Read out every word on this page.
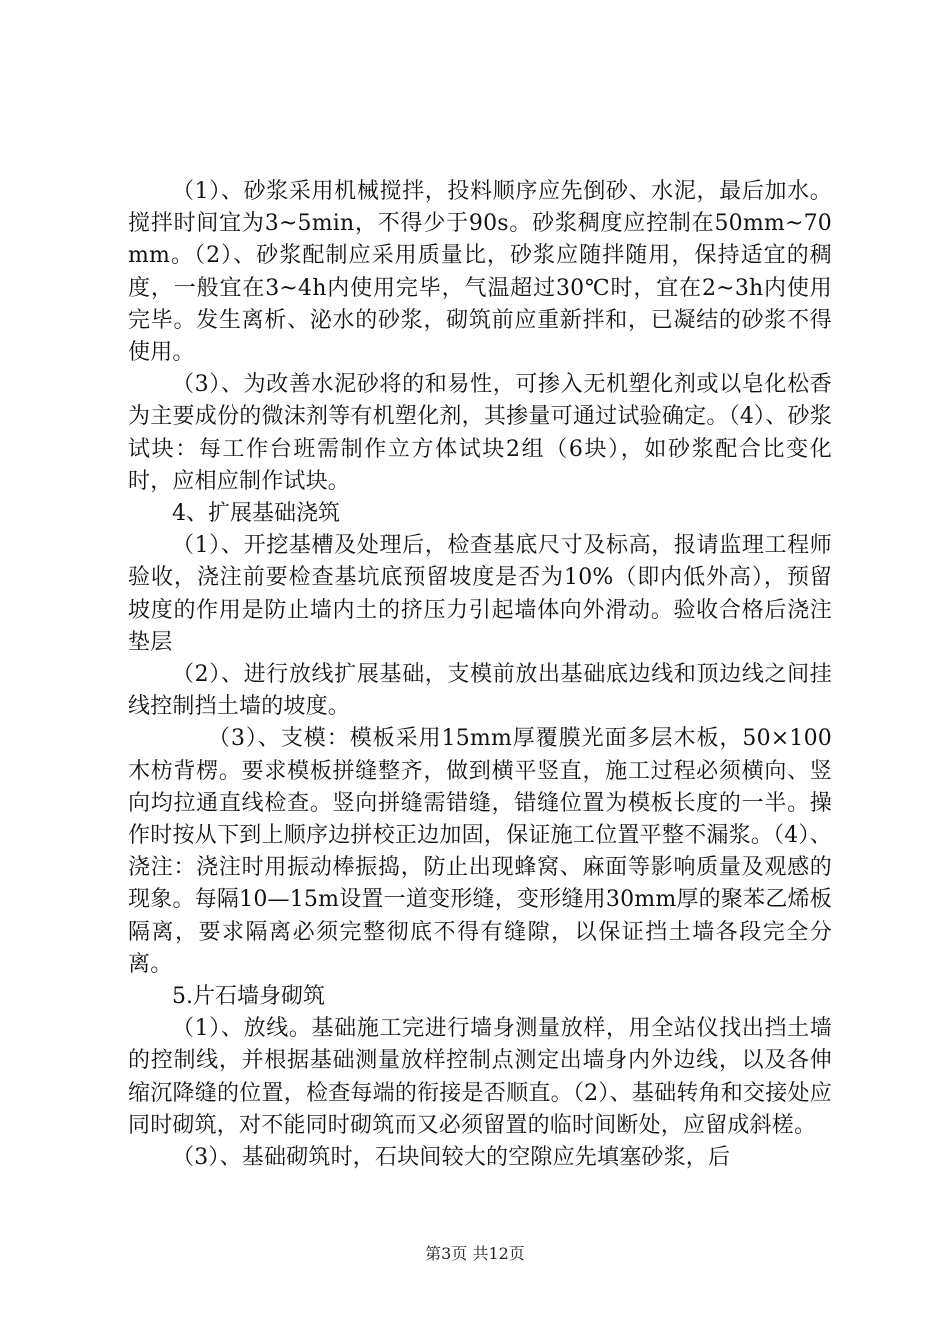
（1）、砂浆采用机械搅拌，投料顺序应先倒砂、水泥，最后加水。搅拌时间宜为3~5min，不得少于90s。砂浆稠度应控制在50mm~70mm。（2）、砂浆配制应采用质量比，砂浆应随拌随用，保持适宜的稠度，一般宜在3~4h内使用完毕，气温超过30℃时，宜在2~3h内使用完毕。发生离析、泌水的砂浆，砌筑前应重新拌和，已凝结的砂浆不得使用。

（3）、为改善水泥砂将的和易性，可掺入无机塑化剂或以皂化松香为主要成份的微沫剂等有机塑化剂，其掺量可通过试验确定。（4）、砂浆试块：每工作台班需制作立方体试块2组（6块），如砂浆配合比变化时，应相应制作试块。

4、扩展基础浇筑

（1）、开挖基槽及处理后，检查基底尺寸及标高，报请监理工程师验收，浇注前要检查基坑底预留坡度是否为10%（即内低外高），预留坡度的作用是防止墙内土的挤压力引起墙体向外滑动。验收合格后浇注垫层

（2）、进行放线扩展基础，支模前放出基础底边线和顶边线之间挂线控制挡土墙的坡度。

（3）、支模：模板采用15mm厚覆膜光面多层木板，50×100木枋背楞。要求模板拼缝整齐，做到横平竖直，施工过程必须横向、竖向均拉通直线检查。竖向拼缝需错缝，错缝位置为模板长度的一半。操作时按从下到上顺序边拼校正边加固，保证施工位置平整不漏浆。（4）、浇注：浇注时用振动棒振捣，防止出现蜂窝、麻面等影响质量及观感的现象。每隔10—15m设置一道变形缝，变形缝用30mm厚的聚苯乙烯板隔离，要求隔离必须完整彻底不得有缝隙，以保证挡土墙各段完全分离。

5.片石墙身砌筑

（1）、放线。基础施工完进行墙身测量放样，用全站仪找出挡土墙的控制线，并根据基础测量放样控制点测定出墙身内外边线，以及各伸缩沉降缝的位置，检查每端的衔接是否顺直。（2）、基础转角和交接处应同时砌筑，对不能同时砌筑而又必须留置的临时间断处，应留成斜槎。

（3）、基础砌筑时，石块间较大的空隙应先填塞砂浆，后

第3页 共12页
